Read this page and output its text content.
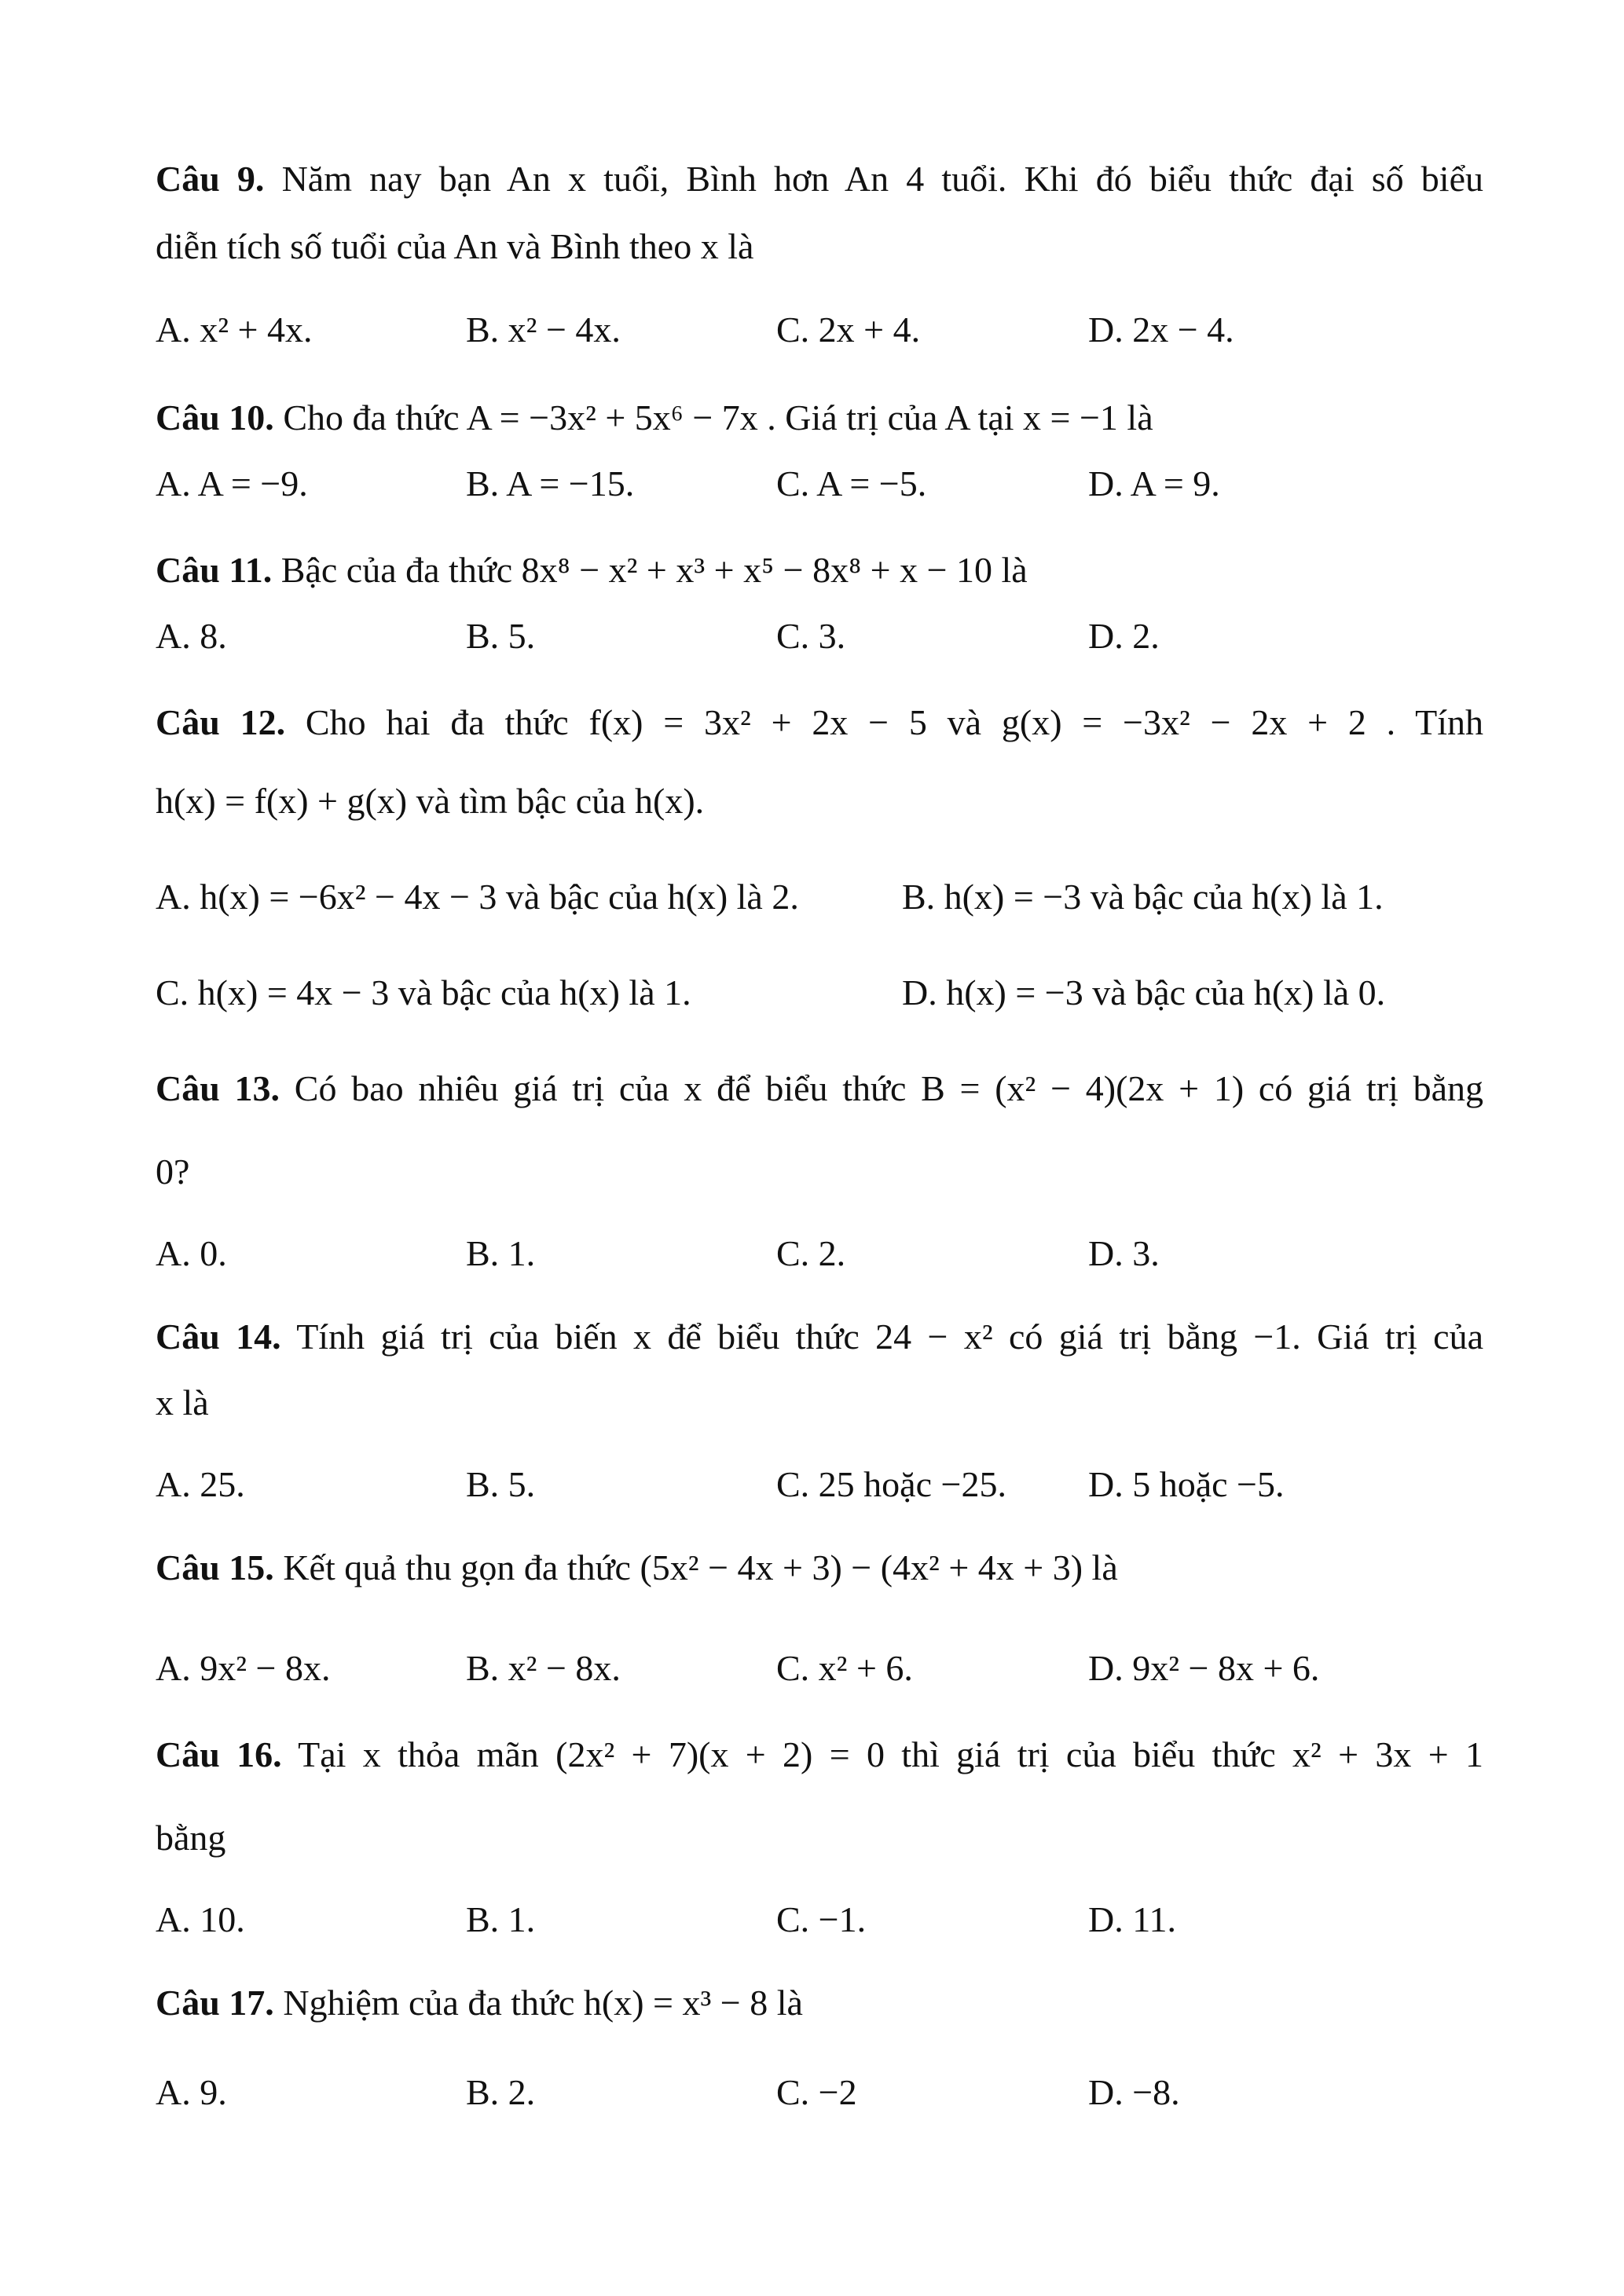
Câu 9. Năm nay bạn An x tuổi, Bình hơn An 4 tuổi. Khi đó biểu thức đại số biểu
diễn tích số tuổi của An và Bình theo x là
A. x² + 4x.	B. x² − 4x.	C. 2x + 4.	D. 2x − 4.
Câu 10. Cho đa thức A = −3x² + 5x⁶ − 7x . Giá trị của A tại x = −1 là
A. A = −9.	B. A = −15.	C. A = −5.	D. A = 9.
Câu 11. Bậc của đa thức 8x⁸ − x² + x³ + x⁵ − 8x⁸ + x − 10 là
A. 8.	B. 5.	C. 3.	D. 2.
Câu 12. Cho hai đa thức f(x) = 3x² + 2x − 5 và g(x) = −3x² − 2x + 2 . Tính
h(x) = f(x) + g(x) và tìm bậc của h(x).
A. h(x) = −6x² − 4x − 3 và bậc của h(x) là 2.	B. h(x) = −3 và bậc của h(x) là 1.
C. h(x) = 4x − 3 và bậc của h(x) là 1.	D. h(x) = −3 và bậc của h(x) là 0.
Câu 13. Có bao nhiêu giá trị của x để biểu thức B = (x² − 4)(2x + 1) có giá trị bằng
0?
A. 0.	B. 1.	C. 2.	D. 3.
Câu 14. Tính giá trị của biến x để biểu thức 24 − x² có giá trị bằng −1. Giá trị của
x là
A. 25.	B. 5.	C. 25 hoặc −25. D. 5 hoặc −5.
Câu 15. Kết quả thu gọn đa thức (5x² − 4x + 3) − (4x² + 4x + 3) là
A. 9x² − 8x.	B. x² − 8x.	C. x² + 6.	D. 9x² − 8x + 6.
Câu 16. Tại x thỏa mãn (2x² + 7)(x + 2) = 0 thì giá trị của biểu thức x² + 3x + 1
bằng
A. 10.	B. 1.	C. −1.	D. 11.
Câu 17. Nghiệm của đa thức h(x) = x³ − 8 là
A. 9.	B. 2.	C. −2	D. −8.
